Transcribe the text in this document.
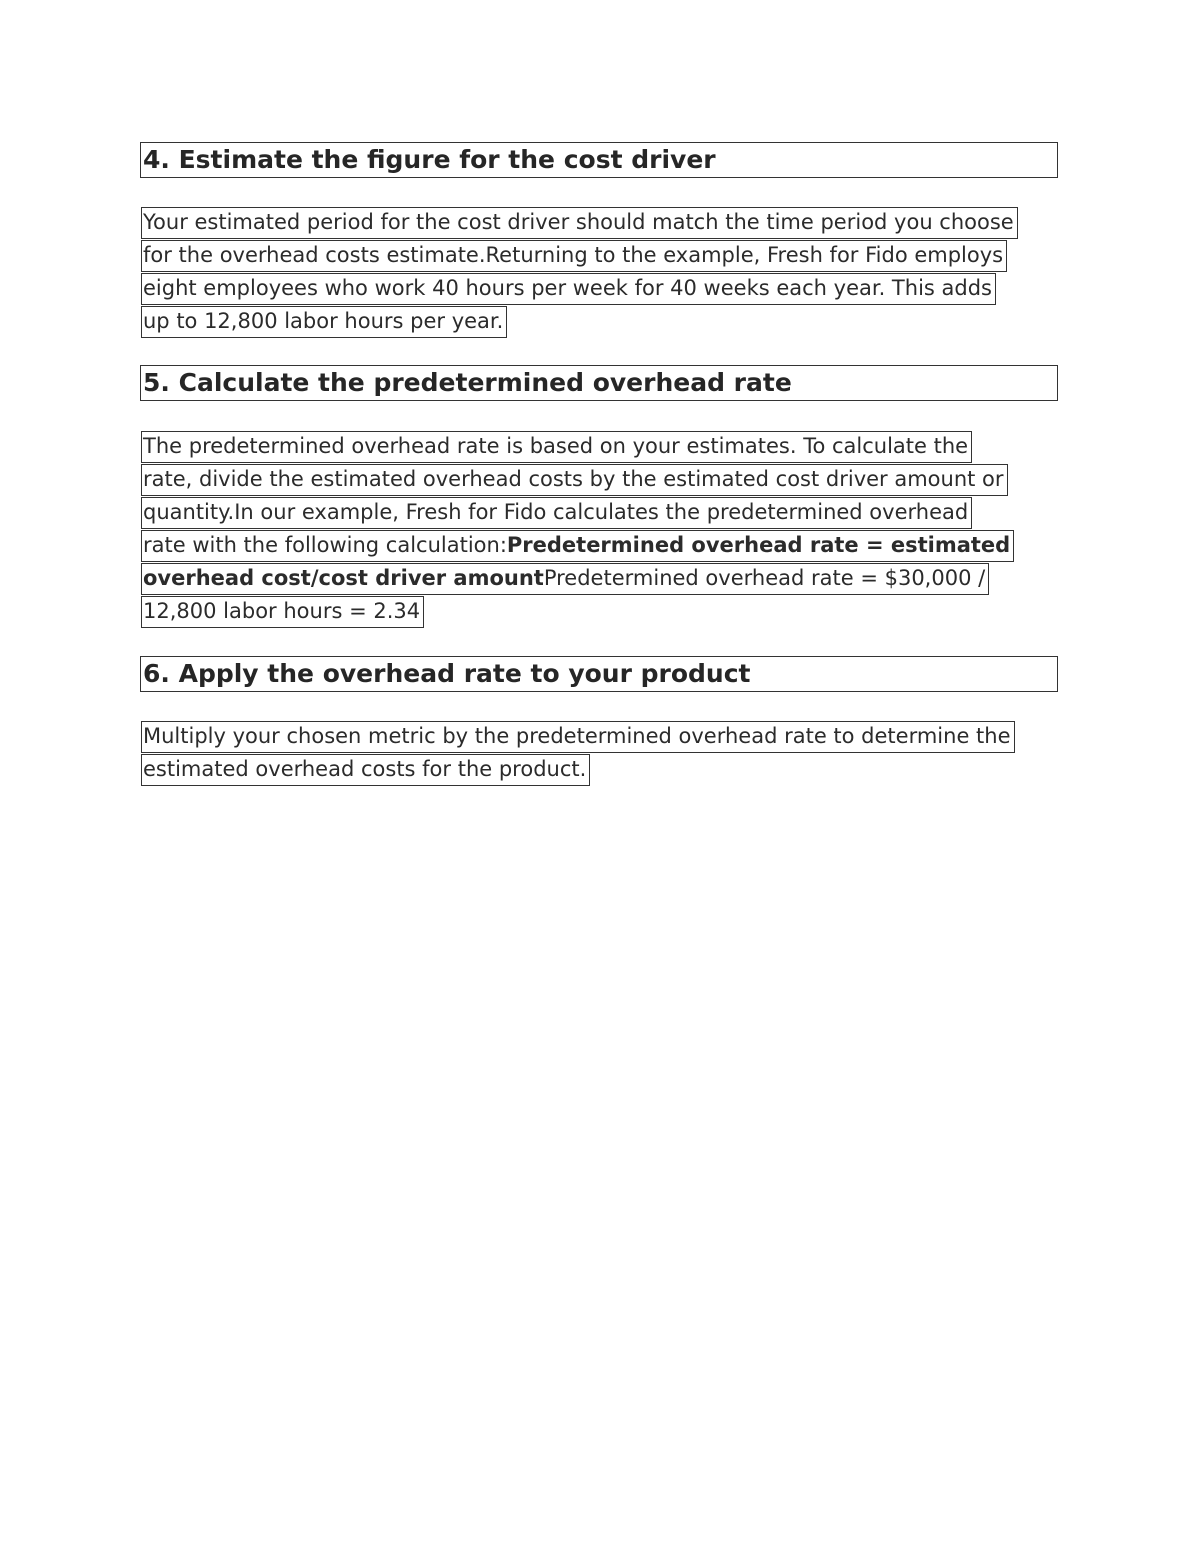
4. Estimate the figure for the cost driver
Your estimated period for the cost driver should match the time period you choose
for the overhead costs estimate.Returning to the example, Fresh for Fido employs
eight employees who work 40 hours per week for 40 weeks each year. This adds
up to 12,800 labor hours per year.
5. Calculate the predetermined overhead rate
The predetermined overhead rate is based on your estimates. To calculate the
rate, divide the estimated overhead costs by the estimated cost driver amount or
quantity.In our example, Fresh for Fido calculates the predetermined overhead
rate with the following calculation:Predetermined overhead rate = estimated
overhead cost/cost driver amountPredetermined overhead rate = $30,000 /
12,800 labor hours = 2.34
6. Apply the overhead rate to your product
Multiply your chosen metric by the predetermined overhead rate to determine the
estimated overhead costs for the product.
